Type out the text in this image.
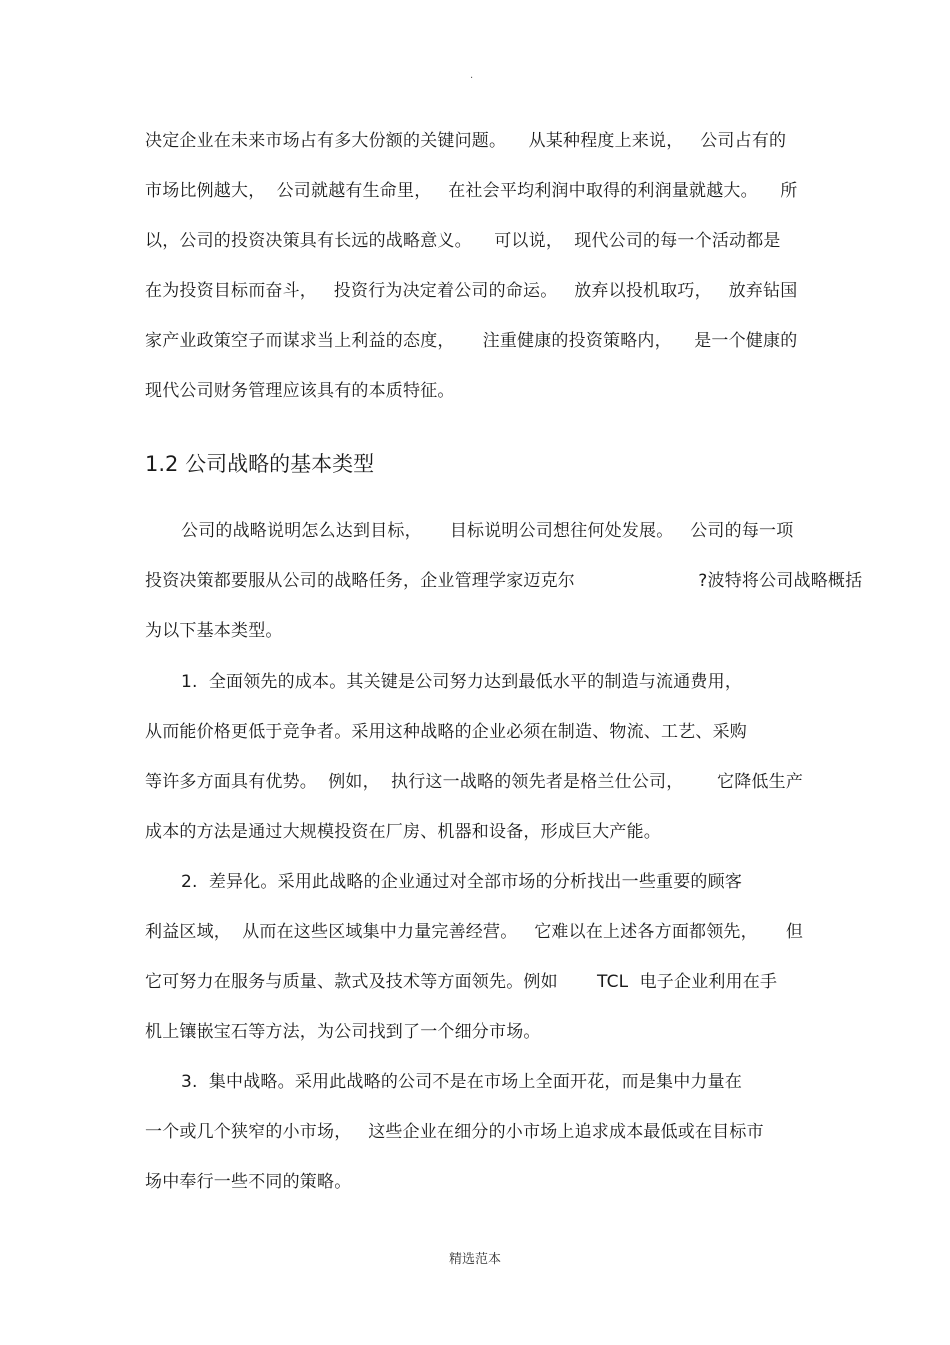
.
决定企业在未来市场占有多大份额的关键问题。    从某种程度上来说，   公司占有的
市场比例越大，  公司就越有生命里，   在社会平均利润中取得的利润量就越大。    所
以，公司的投资决策具有长远的战略意义。    可以说，  现代公司的每一个活动都是
在为投资目标而奋斗，   投资行为决定着公司的命运。   放弃以投机取巧，   放弃钻国
家产业政策空子而谋求当上利益的态度，     注重健康的投资策略内，    是一个健康的
现代公司财务管理应该具有的本质特征。
1.2 公司战略的基本类型
公司的战略说明怎么达到目标，     目标说明公司想往何处发展。   公司的每一项
投资决策都要服从公司的战略任务，企业管理学家迈克尔                      ?波特将公司战略概括
为以下基本类型。
1.  全面领先的成本。其关键是公司努力达到最低水平的制造与流通费用，
从而能价格更低于竞争者。采用这种战略的企业必须在制造、物流、工艺、采购
等许多方面具有优势。  例如，  执行这一战略的领先者是格兰仕公司，      它降低生产
成本的方法是通过大规模投资在厂房、机器和设备，形成巨大产能。
2.  差异化。采用此战略的企业通过对全部市场的分析找出一些重要的顾客
利益区域，  从而在这些区域集中力量完善经营。   它难以在上述各方面都领先，     但
它可努力在服务与质量、款式及技术等方面领先。例如       TCL  电子企业利用在手
机上镶嵌宝石等方法，为公司找到了一个细分市场。
3.  集中战略。采用此战略的公司不是在市场上全面开花，而是集中力量在
一个或几个狭窄的小市场，   这些企业在细分的小市场上追求成本最低或在目标市
场中奉行一些不同的策略。
精选范本
